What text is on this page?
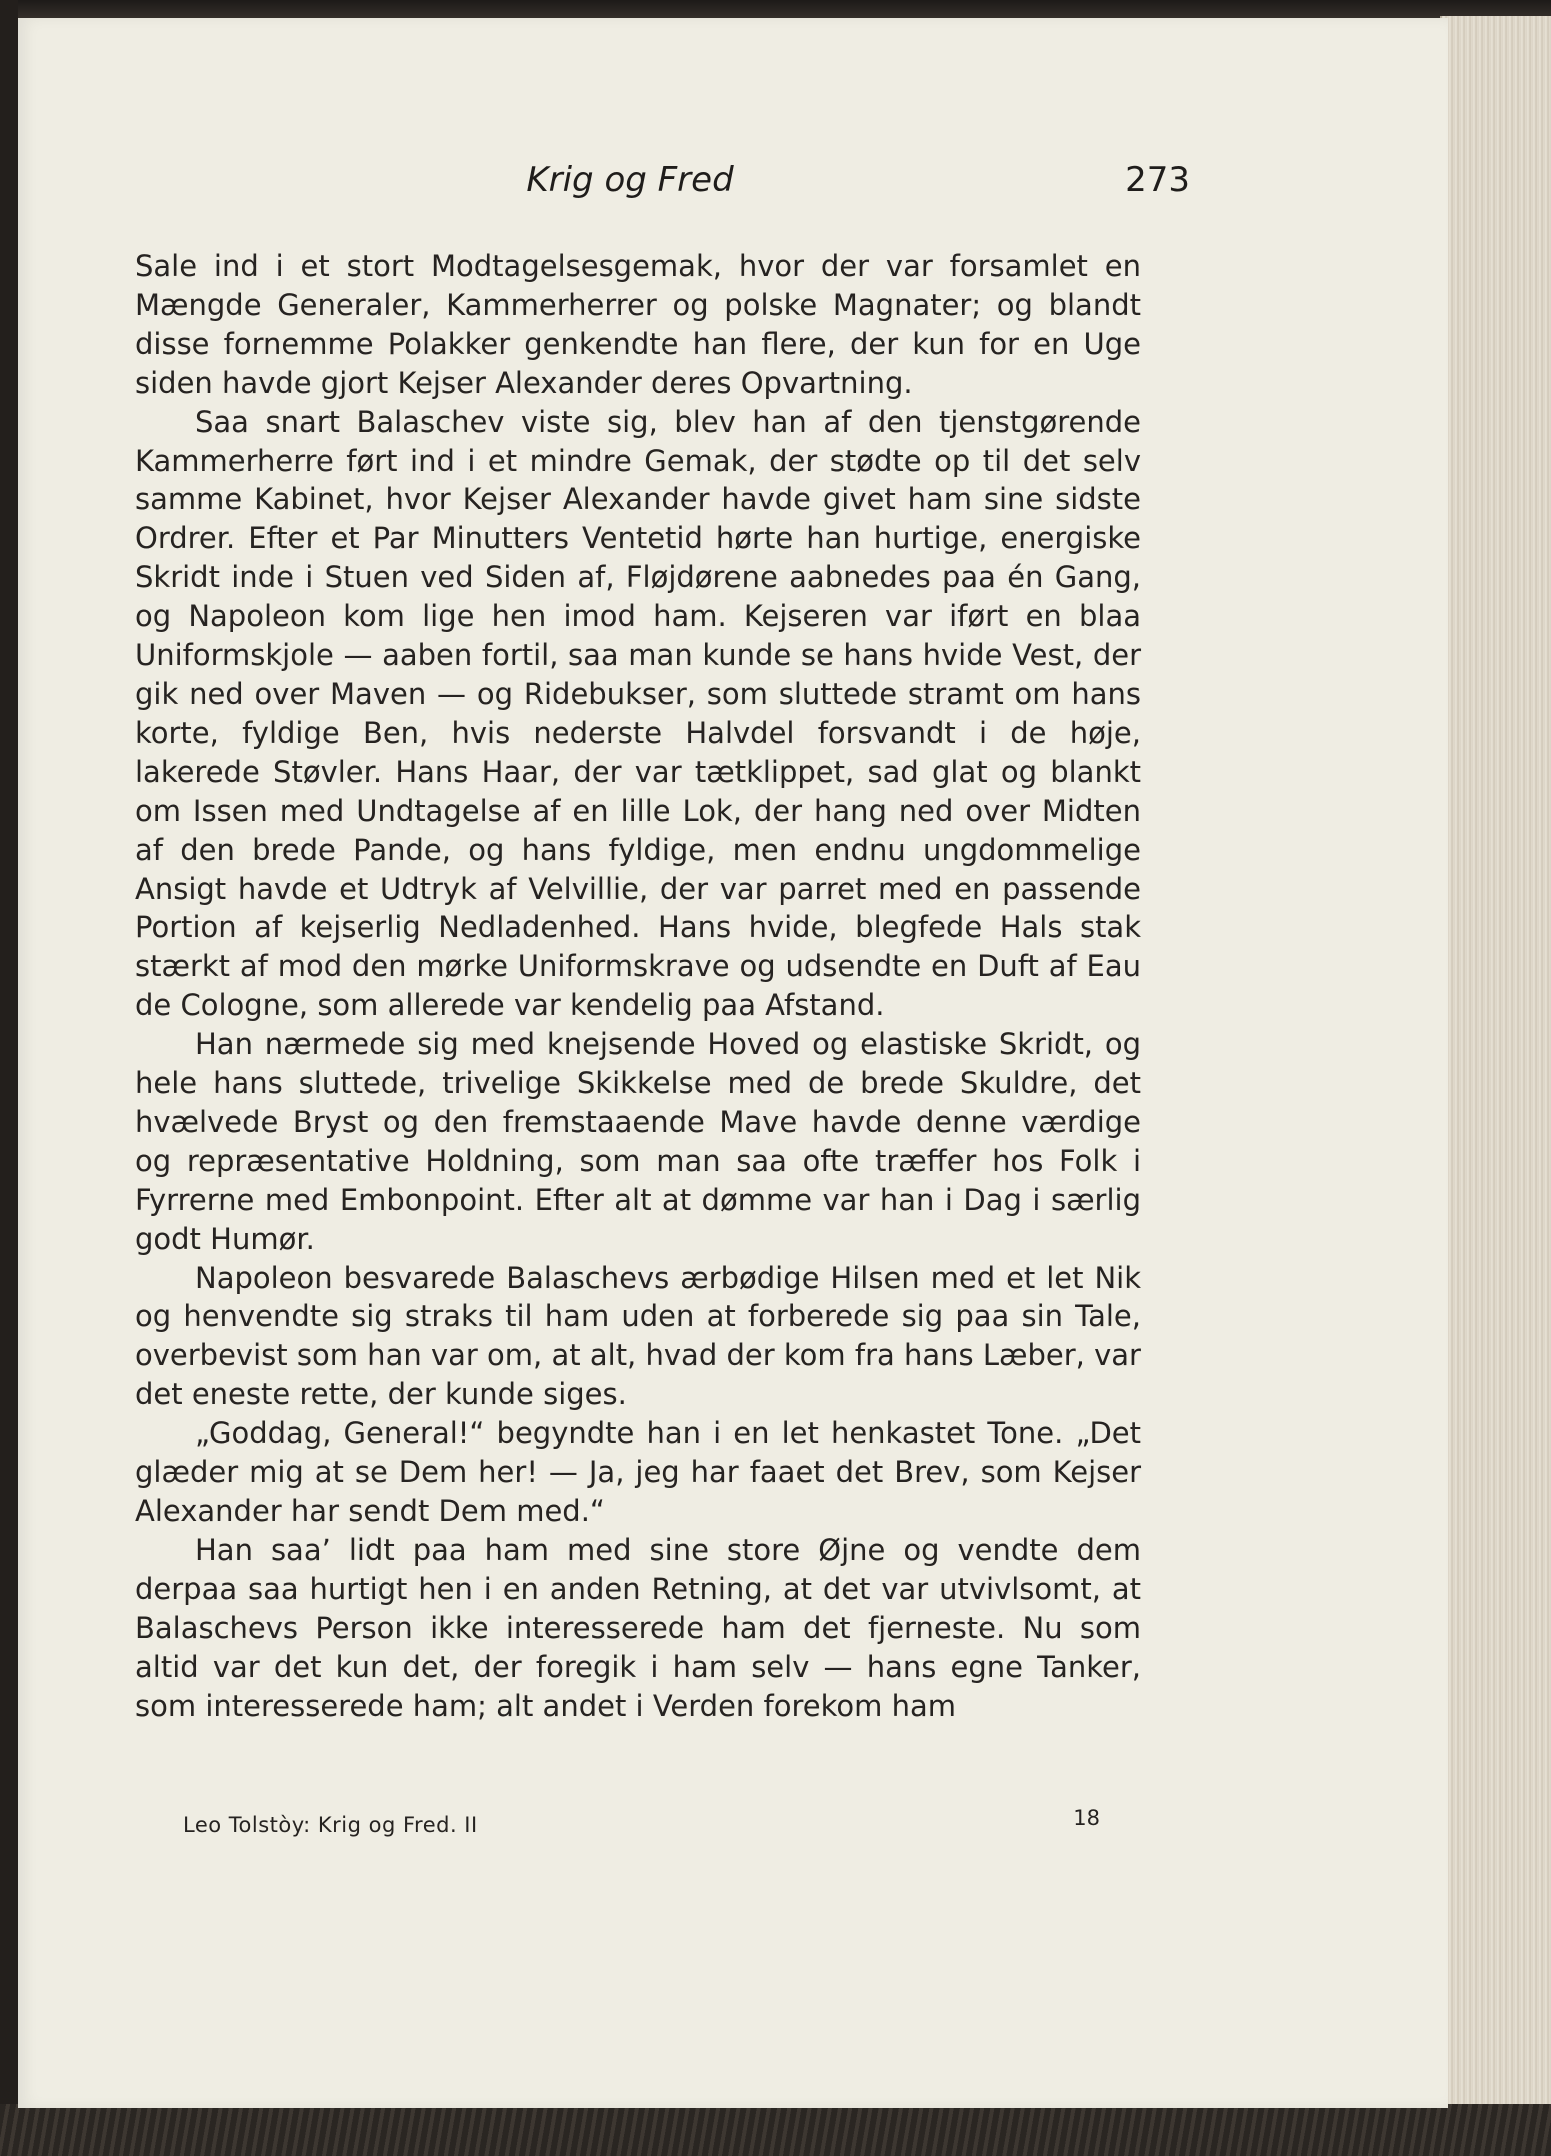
Krig og Fred	273

Sale ind i et stort Modtagelsesgemak, hvor der var forsamlet en Mængde Generaler, Kammerherrer og polske Magnater; og blandt disse fornemme Polakker genkendte han flere, der kun for en Uge siden havde gjort Kejser Alexander deres Opvartning.

Saa snart Balaschev viste sig, blev han af den tjenstgørende Kammerherre ført ind i et mindre Gemak, der stødte op til det selv samme Kabinet, hvor Kejser Alexander havde givet ham sine sidste Ordrer. Efter et Par Minutters Ventetid hørte han hurtige, energiske Skridt inde i Stuen ved Siden af, Fløjdørene aabnedes paa én Gang, og Napoleon kom lige hen imod ham. Kejseren var iført en blaa Uniformskjole — aaben fortil, saa man kunde se hans hvide Vest, der gik ned over Maven — og Ridebukser, som sluttede stramt om hans korte, fyldige Ben, hvis nederste Halvdel forsvandt i de høje, lakerede Støvler. Hans Haar, der var tætklippet, sad glat og blankt om Issen med Undtagelse af en lille Lok, der hang ned over Midten af den brede Pande, og hans fyldige, men endnu ungdommelige Ansigt havde et Udtryk af Velvillie, der var parret med en passende Portion af kejserlig Nedladenhed. Hans hvide, blegfede Hals stak stærkt af mod den mørke Uniformskrave og udsendte en Duft af Eau de Cologne, som allerede var kendelig paa Afstand.

Han nærmede sig med knejsende Hoved og elastiske Skridt, og hele hans sluttede, trivelige Skikkelse med de brede Skuldre, det hvælvede Bryst og den fremstaaende Mave havde denne værdige og repræsentative Holdning, som man saa ofte træffer hos Folk i Fyrrerne med Embonpoint. Efter alt at dømme var han i Dag i særlig godt Humør.

Napoleon besvarede Balaschevs ærbødige Hilsen med et let Nik og henvendte sig straks til ham uden at forberede sig paa sin Tale, overbevist som han var om, at alt, hvad der kom fra hans Læber, var det eneste rette, der kunde siges.

„Goddag, General!“ begyndte han i en let henkastet Tone. „Det glæder mig at se Dem her! — Ja, jeg har faaet det Brev, som Kejser Alexander har sendt Dem med.“

Han saa’ lidt paa ham med sine store Øjne og vendte dem derpaa saa hurtigt hen i en anden Retning, at det var utvivlsomt, at Balaschevs Person ikke interesserede ham det fjerneste. Nu som altid var det kun det, der foregik i ham selv — hans egne Tanker, som interesserede ham; alt andet i Verden forekom ham

Leo Tolstòy: Krig og Fred. II	18
